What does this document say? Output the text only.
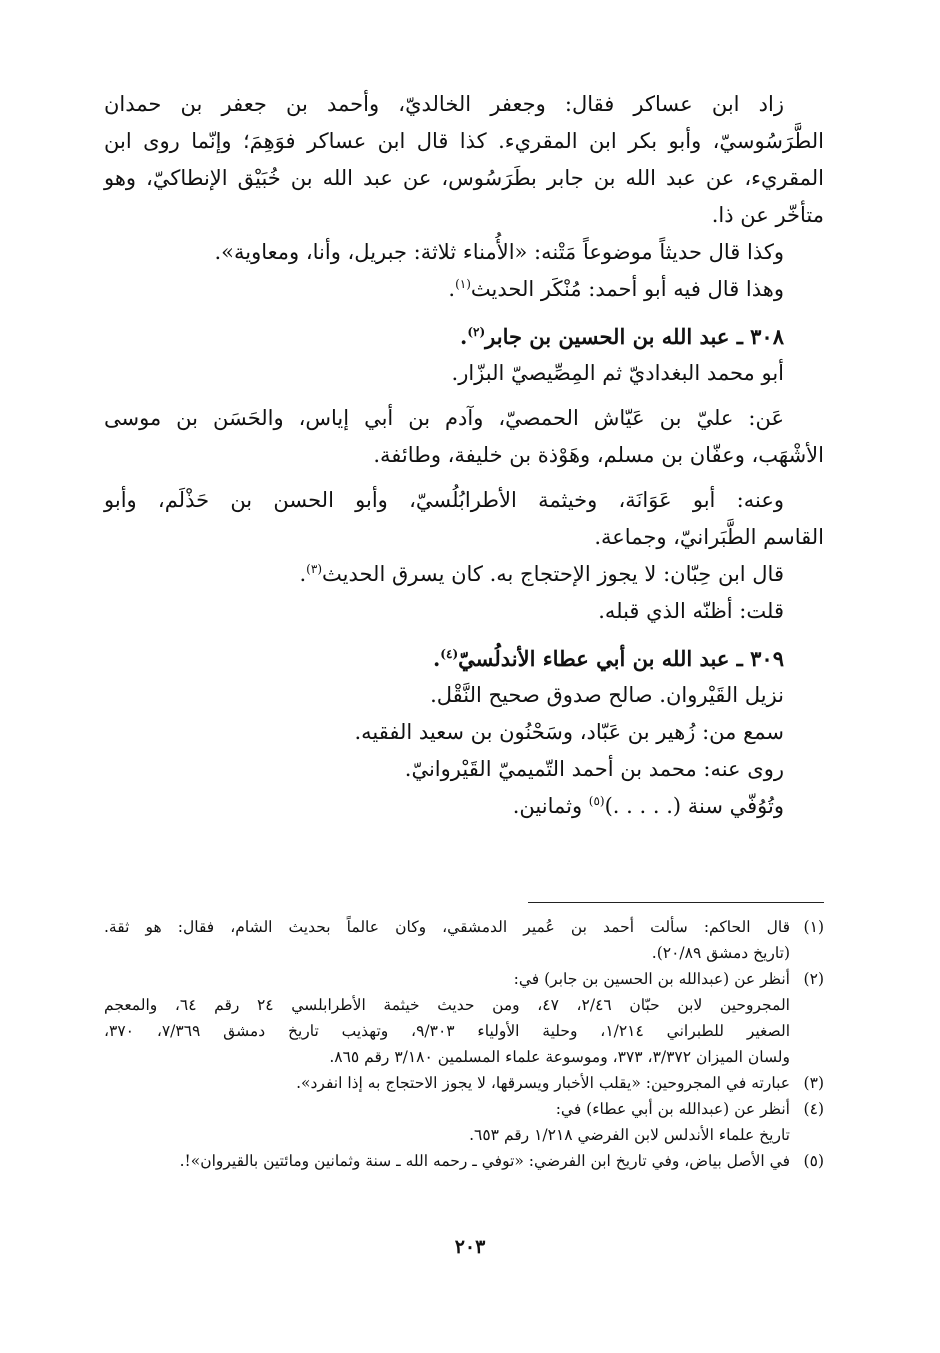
زاد ابن عساكر فقال: وجعفر الخالديّ، وأحمد بن جعفر بن حمدان

الطَّرَسُوسيّ، وأبو بكر ابن المقريء. كذا قال ابن عساكر فوَهِمَ؛ وإنّما روى ابن

المقريء، عن عبد الله بن جابر بطَرَسُوس، عن عبد الله بن خُبَيْق الإنطاكيّ، وهو

متأخّر عن ذا.

وكذا قال حديثاً موضوعاً مَتْنه: «الأُمناء ثلاثة: جبريل، وأنا، ومعاوية».

وهذا قال فيه أبو أحمد: مُنْكَر الحديث$^{(١)}$.

٣٠٨ ـ عبد الله بن الحسين بن جابر$^{(٢)}$.

أبو محمد البغداديّ ثم المِصِّيصيّ البزّار.

عَن: عليّ بن عَيّاش الحمصيّ، وآدم بن أبي إياس، والحَسَن بن موسى

الأشْهَب، وعفّان بن مسلم، وهَوْذة بن خليفة، وطائفة.

وعنه: أبو عَوَانَة، وخيثمة الأطرابُلُسيّ، وأبو الحسن بن حَذْلَم، وأبو

القاسم الطَّبَرانيّ، وجماعة.

قال ابن حِبّان: لا يجوز الإحتجاج به. كان يسرق الحديث$^{(٣)}$.

قلت: أظنّه الذي قبله.

٣٠٩ ـ عبد الله بن أبي عطاء الأندلُسيّ$^{(٤)}$.

نزيل القَيْروان. صالح صدوق صحيح النَّقْل.

سمع من: زُهير بن عَبّاد، وسَحْنُون بن سعيد الفقيه.

روى عنه: محمد بن أحمد التّميميّ القَيْروانيّ.

وتُوُفّي سنة (. . . . .)$^{(٥)}$ وثمانين.

(١)

قال الحاكم: سألت أحمد بن عُمير الدمشقي، وكان عالماً بحديث الشام، فقال: هو ثقة.

(تاريخ دمشق ٢٠/٨٩).

(٢)

أنظر عن (عبدالله بن الحسين بن جابر) في:

المجروحين لابن حبّان ٢/٤٦، ٤٧، ومن حديث خيثمة الأطرابلسي ٢٤ رقم ٦٤، والمعجم

الصغير للطبراني ١/٢١٤، وحلية الأولياء ٩/٣٠٣، وتهذيب تاريخ دمشق ٧/٣٦٩، ٣٧٠،

ولسان الميزان ٣/٣٧٢، ٣٧٣، وموسوعة علماء المسلمين ٣/١٨٠ رقم ٨٦٥.

(٣)

عبارته في المجروحين: «يقلب الأخبار ويسرقها، لا يجوز الاحتجاج به إذا انفرد».

(٤)

أنظر عن (عبدالله بن أبي عطاء) في:

تاريخ علماء الأندلس لابن الفرضي ١/٢١٨ رقم ٦٥٣.

(٥)

في الأصل بياض، وفي تاريخ ابن الفرضي: «توفي ـ رحمه الله ـ سنة وثمانين ومائتين بالقيروان»!.

٢٠٣
